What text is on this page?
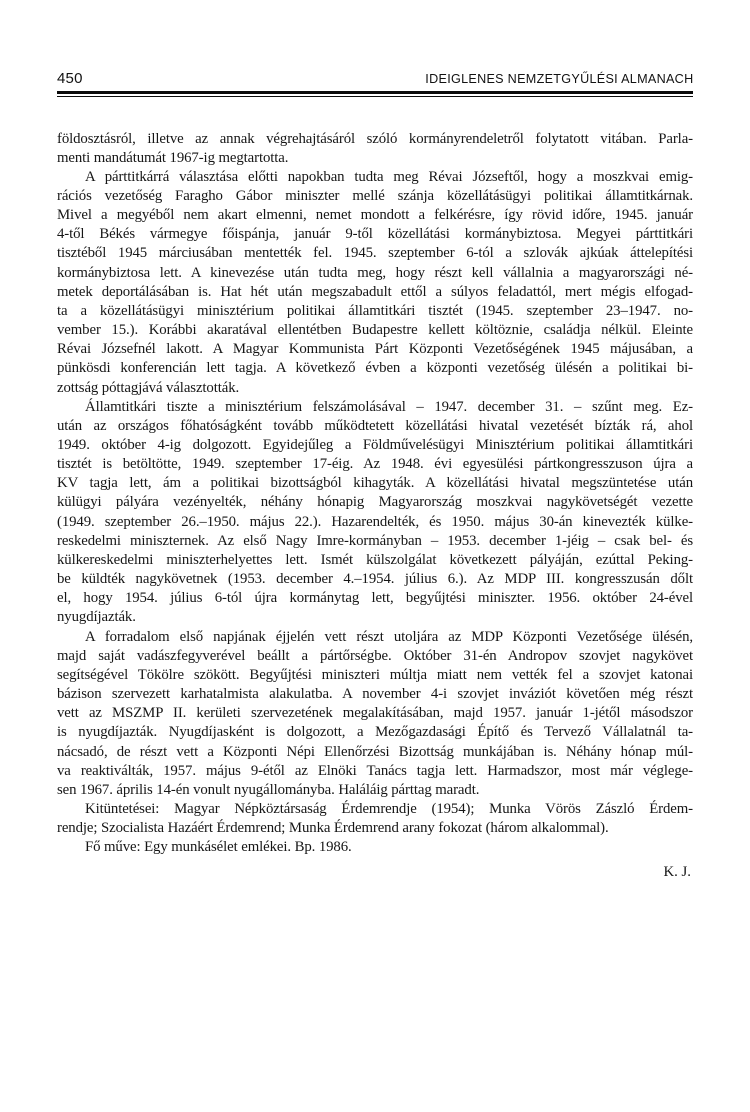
450	IDEIGLENES NEMZETGYŰLÉSI ALMANACH
földosztásról, illetve az annak végrehajtásáról szóló kormányrendeletről folytatott vitában. Parla-
menti mandátumát 1967-ig megtartotta.
A párttitkárrá választása előtti napokban tudta meg Révai Józseftől, hogy a moszkvai emig-
rációs vezetőség Faragho Gábor miniszter mellé szánja közellátásügyi politikai államtitkárnak.
Mivel a megyéből nem akart elmenni, nemet mondott a felkérésre, így rövid időre, 1945. január
4-től Békés vármegye főispánja, január 9-től közellátási kormánybiztosa. Megyei párttitkári
tisztéből 1945 márciusában mentették fel. 1945. szeptember 6-tól a szlovák ajkúak áttelepítési
kormánybiztosa lett. A kinevezése után tudta meg, hogy részt kell vállalnia a magyarországi né-
metek deportálásában is. Hat hét után megszabadult ettől a súlyos feladattól, mert mégis elfogad-
ta a közellátásügyi minisztérium politikai államtitkári tisztét (1945. szeptember 23–1947. no-
vember 15.). Korábbi akaratával ellentétben Budapestre kellett költöznie, családja nélkül. Eleinte
Révai Józsefnél lakott. A Magyar Kommunista Párt Központi Vezetőségének 1945 májusában, a
pünkösdi konferencián lett tagja. A következő évben a központi vezetőség ülésén a politikai bi-
zottság póttagjává választották.
Államtitkári tiszte a minisztérium felszámolásával – 1947. december 31. – szűnt meg. Ez-
után az országos főhatóságként tovább működtetett közellátási hivatal vezetését bízták rá, ahol
1949. október 4-ig dolgozott. Egyidejűleg a Földművelésügyi Minisztérium politikai államtitkári
tisztét is betöltötte, 1949. szeptember 17-éig. Az 1948. évi egyesülési pártkongresszuson újra a
KV tagja lett, ám a politikai bizottságból kihagyták. A közellátási hivatal megszüntetése után
külügyi pályára vezényelték, néhány hónapig Magyarország moszkvai nagykövetségét vezette
(1949. szeptember 26.–1950. május 22.). Hazarendelték, és 1950. május 30-án kinevezték külke-
reskedelmi miniszternek. Az első Nagy Imre-kormányban – 1953. december 1-jéig – csak bel- és
külkereskedelmi miniszterhelyettes lett. Ismét külszolgálat következett pályáján, ezúttal Peking-
be küldték nagykövetnek (1953. december 4.–1954. július 6.). Az MDP III. kongresszusán dőlt
el, hogy 1954. július 6-tól újra kormánytag lett, begyűjtési miniszter. 1956. október 24-ével
nyugdíjazták.
A forradalom első napjának éjjelén vett részt utoljára az MDP Központi Vezetősége ülésén,
majd saját vadászfegyverével beállt a pártőrségbe. Október 31-én Andropov szovjet nagykövet
segítségével Tökölre szökött. Begyűjtési miniszteri múltja miatt nem vették fel a szovjet katonai
bázison szervezett karhatalmista alakulatba. A november 4-i szovjet inváziót követően még részt
vett az MSZMP II. kerületi szervezetének megalakításában, majd 1957. január 1-jétől másodszor
is nyugdíjazták. Nyugdíjasként is dolgozott, a Mezőgazdasági Építő és Tervező Vállalatnál ta-
nácsadó, de részt vett a Központi Népi Ellenőrzési Bizottság munkájában is. Néhány hónap múl-
va reaktiválták, 1957. május 9-étől az Elnöki Tanács tagja lett. Harmadszor, most már véglege-
sen 1967. április 14-én vonult nyugállományba. Haláláig párttag maradt.
Kitüntetései: Magyar Népköztársaság Érdemrendje (1954); Munka Vörös Zászló Érdem-
rendje; Szocialista Hazáért Érdemrend; Munka Érdemrend arany fokozat (három alkalommal).
Fő műve: Egy munkásélet emlékei. Bp. 1986.
K. J.
